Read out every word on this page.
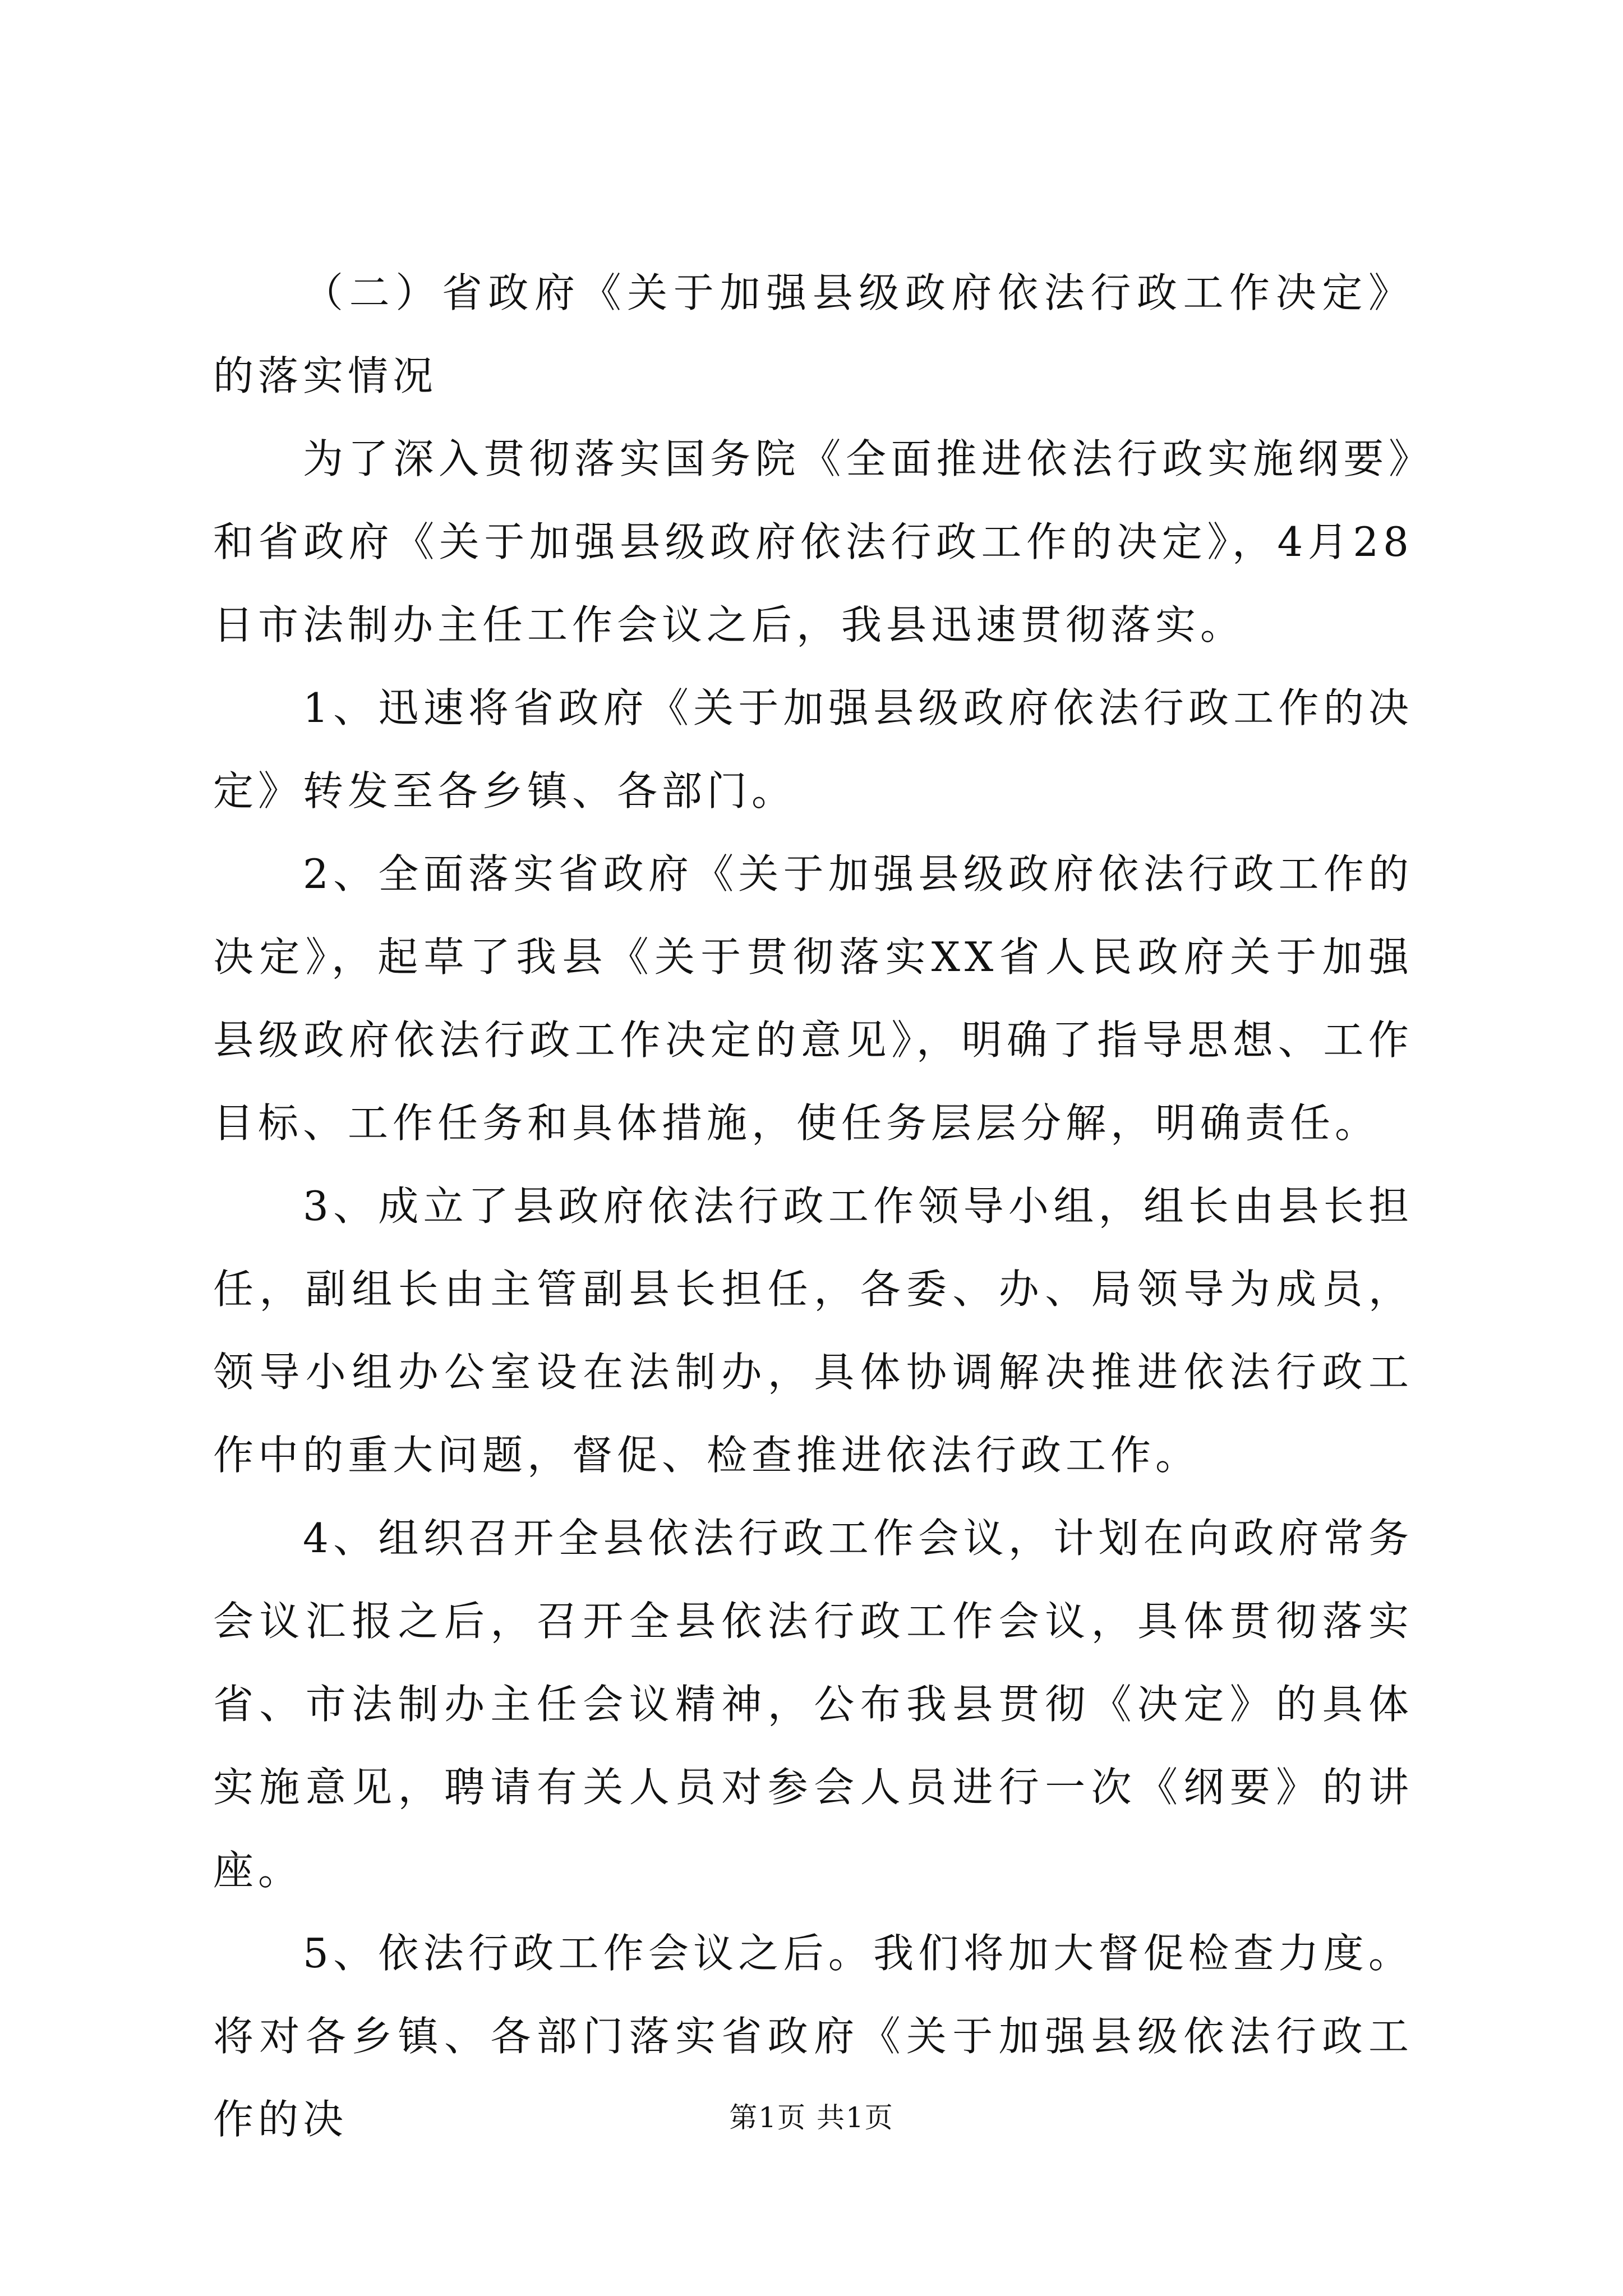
（二）省政府《关于加强县级政府依法行政工作决定》的落实情况

为了深入贯彻落实国务院《全面推进依法行政实施纲要》和省政府《关于加强县级政府依法行政工作的决定》，4月28日市法制办主任工作会议之后，我县迅速贯彻落实。

1、迅速将省政府《关于加强县级政府依法行政工作的决定》转发至各乡镇、各部门。

2、全面落实省政府《关于加强县级政府依法行政工作的决定》，起草了我县《关于贯彻落实XX省人民政府关于加强县级政府依法行政工作决定的意见》，明确了指导思想、工作目标、工作任务和具体措施，使任务层层分解，明确责任。

3、成立了县政府依法行政工作领导小组，组长由县长担任，副组长由主管副县长担任，各委、办、局领导为成员，领导小组办公室设在法制办，具体协调解决推进依法行政工作中的重大问题，督促、检查推进依法行政工作。

4、组织召开全县依法行政工作会议，计划在向政府常务会议汇报之后，召开全县依法行政工作会议，具体贯彻落实省、市法制办主任会议精神，公布我县贯彻《决定》的具体实施意见，聘请有关人员对参会人员进行一次《纲要》的讲座。

5、依法行政工作会议之后。我们将加大督促检查力度。将对各乡镇、各部门落实省政府《关于加强县级依法行政工作的决	第1页 共1页
